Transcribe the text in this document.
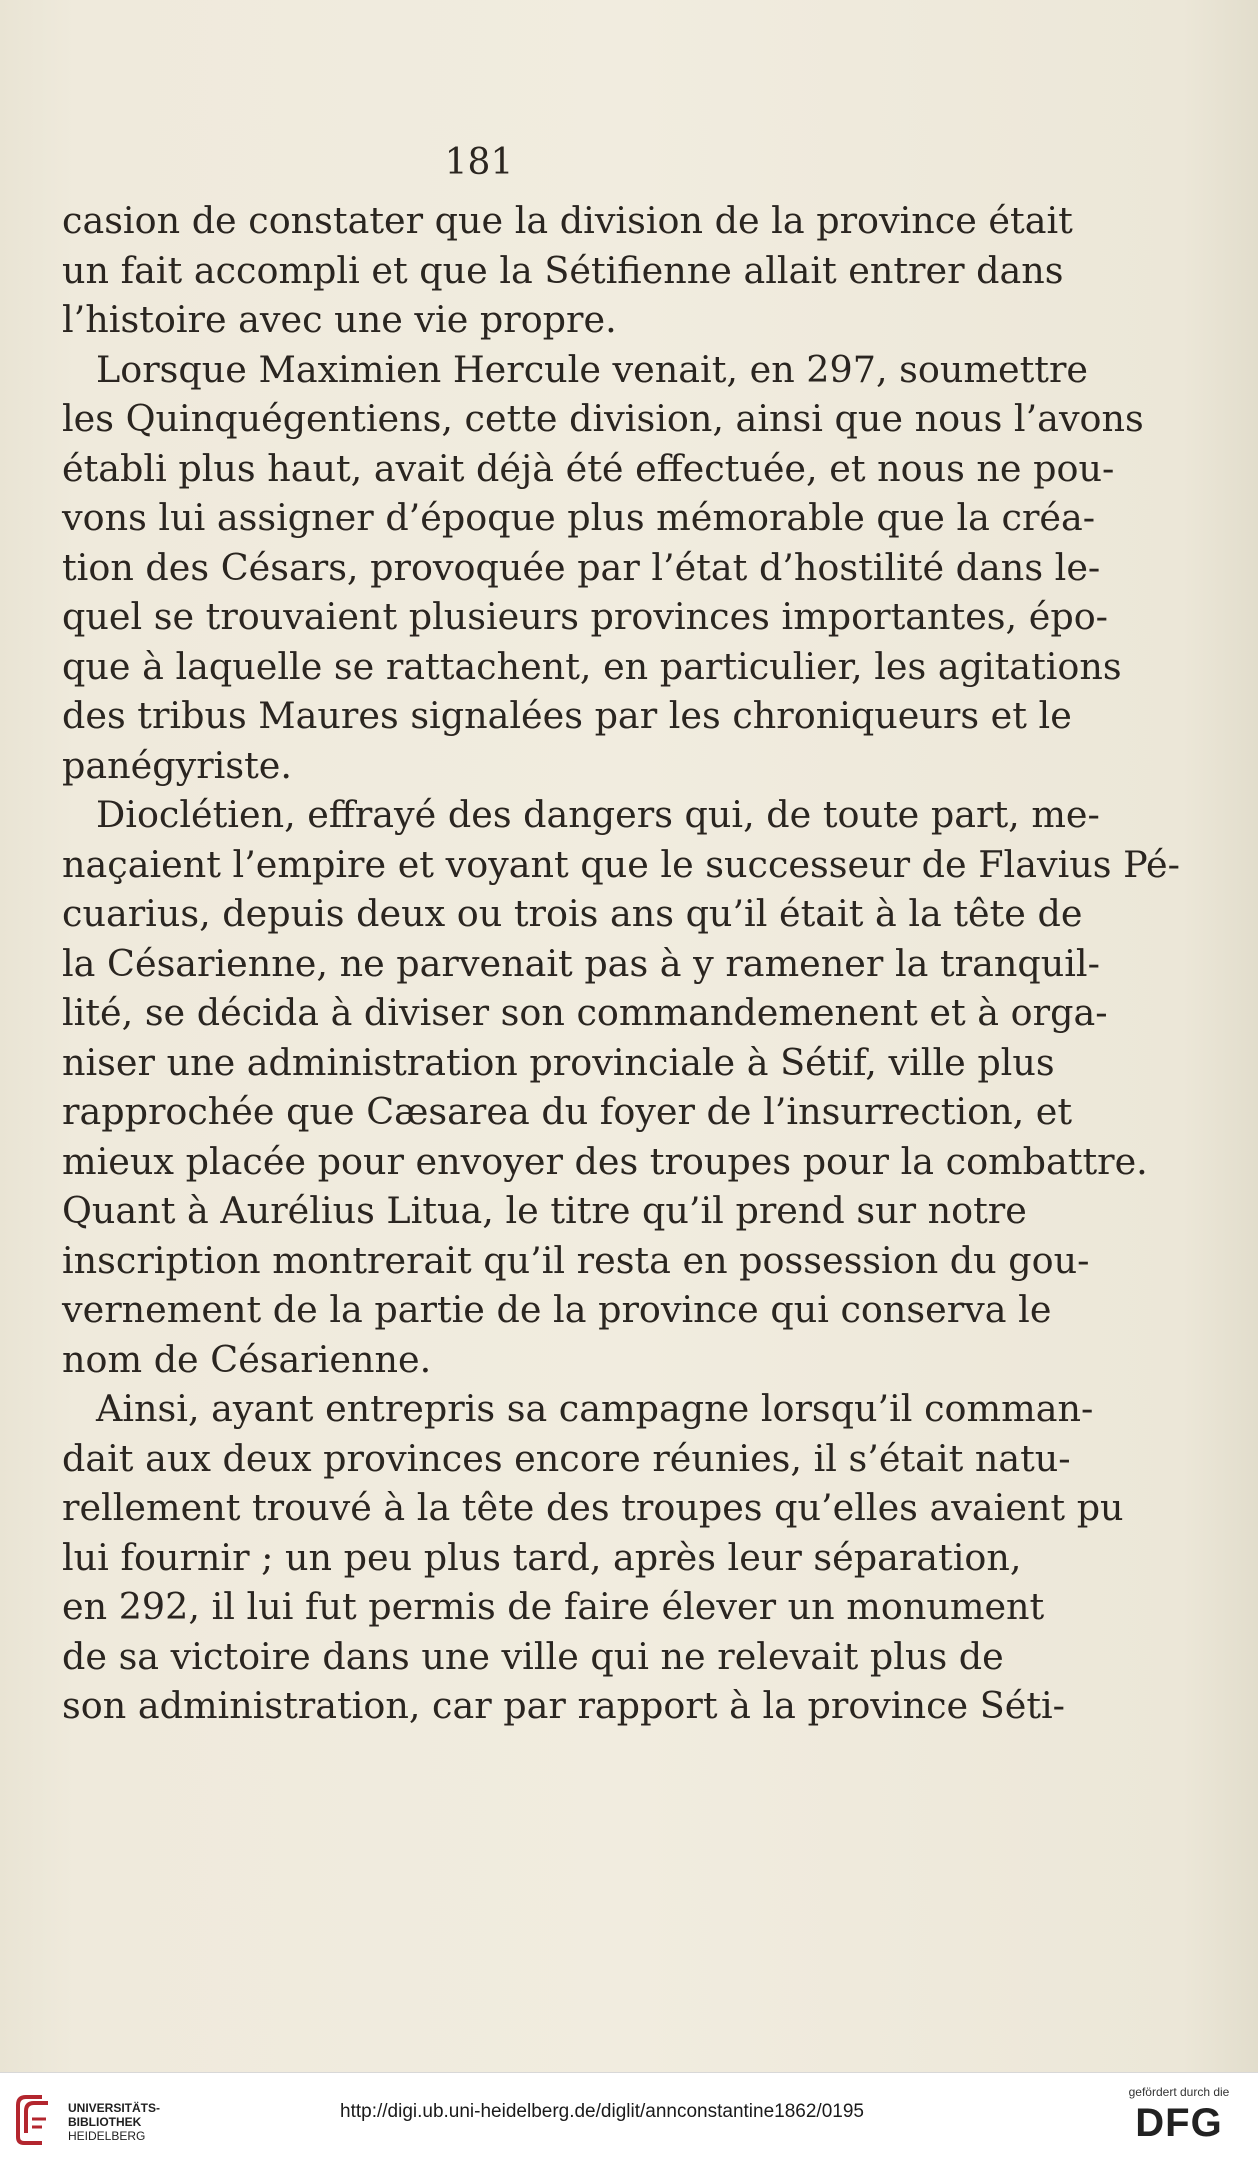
181
casion de constater que la division de la province était
un fait accompli et que la Sétifienne allait entrer dans
l’histoire avec une vie propre.
Lorsque Maximien Hercule venait, en 297, soumettre
les Quinquégentiens, cette division, ainsi que nous l’avons
établi plus haut, avait déjà été effectuée, et nous ne pou-
vons lui assigner d’époque plus mémorable que la créa-
tion des Césars, provoquée par l’état d’hostilité dans le-
quel se trouvaient plusieurs provinces importantes, épo-
que à laquelle se rattachent, en particulier, les agitations
des tribus Maures signalées par les chroniqueurs et le
panégyriste.
Dioclétien, effrayé des dangers qui, de toute part, me-
naçaient l’empire et voyant que le successeur de Flavius Pé-
cuarius, depuis deux ou trois ans qu’il était à la tête de
la Césarienne, ne parvenait pas à y ramener la tranquil-
lité, se décida à diviser son commandemenent et à orga-
niser une administration provinciale à Sétif, ville plus
rapprochée que Cæsarea du foyer de l’insurrection, et
mieux placée pour envoyer des troupes pour la combattre.
Quant à Aurélius Litua, le titre qu’il prend sur notre
inscription montrerait qu’il resta en possession du gou-
vernement de la partie de la province qui conserva le
nom de Césarienne.
Ainsi, ayant entrepris sa campagne lorsqu’il comman-
dait aux deux provinces encore réunies, il s’était natu-
rellement trouvé à la tête des troupes qu’elles avaient pu
lui fournir ; un peu plus tard, après leur séparation,
en 292, il lui fut permis de faire élever un monument
de sa victoire dans une ville qui ne relevait plus de
son administration, car par rapport à la province Séti-
UNIVERSITÄTS-
BIBLIOTHEK
HEIDELBERG
http://digi.ub.uni-heidelberg.de/diglit/annconstantine1862/0195
gefördert durch die
DFG
